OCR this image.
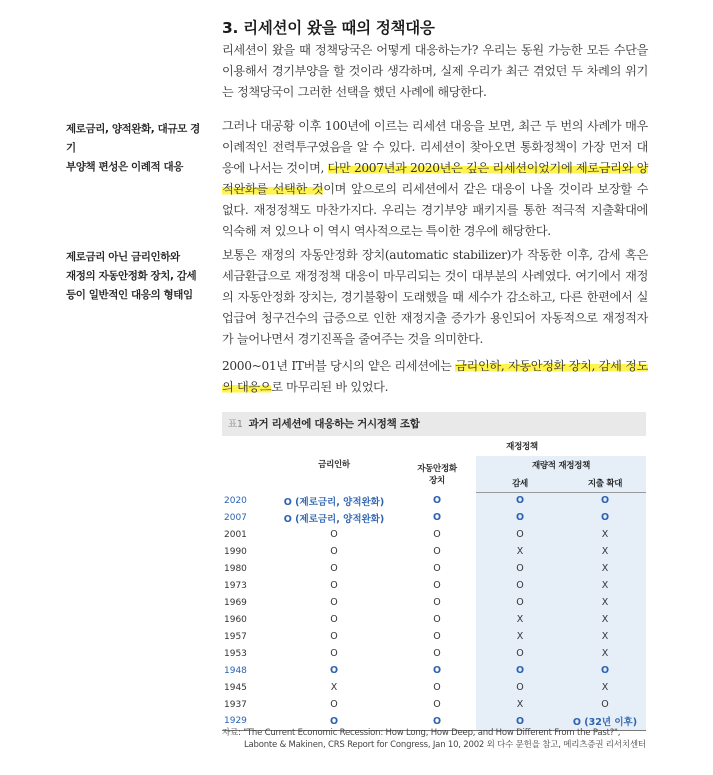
3. 리세션이 왔을 때의 정책대응

리세션이 왔을 때 정책당국은 어떻게 대응하는가? 우리는 동원 가능한 모든 수단을 이용해서 경기부양을 할 것이라 생각하며, 실제 우리가 최근 겪었던 두 차례의 위기는 정책당국이 그러한 선택을 했던 사례에 해당한다.

제로금리, 양적완화, 대규모 경기
부양책 편성은 이례적 대응

그러나 대공황 이후 100년에 이르는 리세션 대응을 보면, 최근 두 번의 사례가 매우 이례적인 전력투구였음을 알 수 있다. 리세션이 찾아오면 통화정책이 가장 먼저 대응에 나서는 것이며, 다만 2007년과 2020년은 깊은 리세션이었기에 제로금리와 양적완화를 선택한 것이며 앞으로의 리세션에서 같은 대응이 나올 것이라 보장할 수 없다. 재정정책도 마찬가지다. 우리는 경기부양 패키지를 통한 적극적 지출확대에 익숙해 져 있으나 이 역시 역사적으로는 특이한 경우에 해당한다.

제로금리 아닌 금리인하와
재정의 자동안정화 장치, 감세
등이 일반적인 대응의 형태임

보통은 재정의 자동안정화 장치(automatic stabilizer)가 작동한 이후, 감세 혹은 세금환급으로 재정정책 대응이 마무리되는 것이 대부분의 사례였다. 여기에서 재정의 자동안정화 장치는, 경기불황이 도래했을 때 세수가 감소하고, 다른 한편에서 실업급여 청구건수의 급증으로 인한 재정지출 증가가 용인되어 자동적으로 재정적자가 늘어나면서 경기진폭을 줄여주는 것을 의미한다.

2000~01년 IT버블 당시의 얕은 리세션에는 금리인하, 자동안정화 장치, 감세 정도의 대응으로 마무리된 바 있었다.

표1 과거 리세션에 대응하는 거시정책 조합
	금리인하	재정정책		

		자동안정화
장치	재량적 재정정책	
			감세	지출 확대
2020	O (제로금리, 양적완화)	O	O	O
2007	O (제로금리, 양적완화)	O	O	O
2001	O	O	O	X
1990	O	O	X	X
1980	O	O	O	X
1973	O	O	O	X
1969	O	O	O	X
1960	O	O	X	X
1957	O	O	X	X
1953	O	O	O	X
1948	O	O	O	O
1945	X	O	O	X
1937	O	O	X	O
1929	O	O	O	O (32년 이후)
자료: "The Current Economic Recession: How Long, How Deep, and How Different From the Past?",
Labonte & Makinen, CRS Report for Congress, Jan 10, 2002 외 다수 문헌을 참고, 메리츠증권 리서치센터
